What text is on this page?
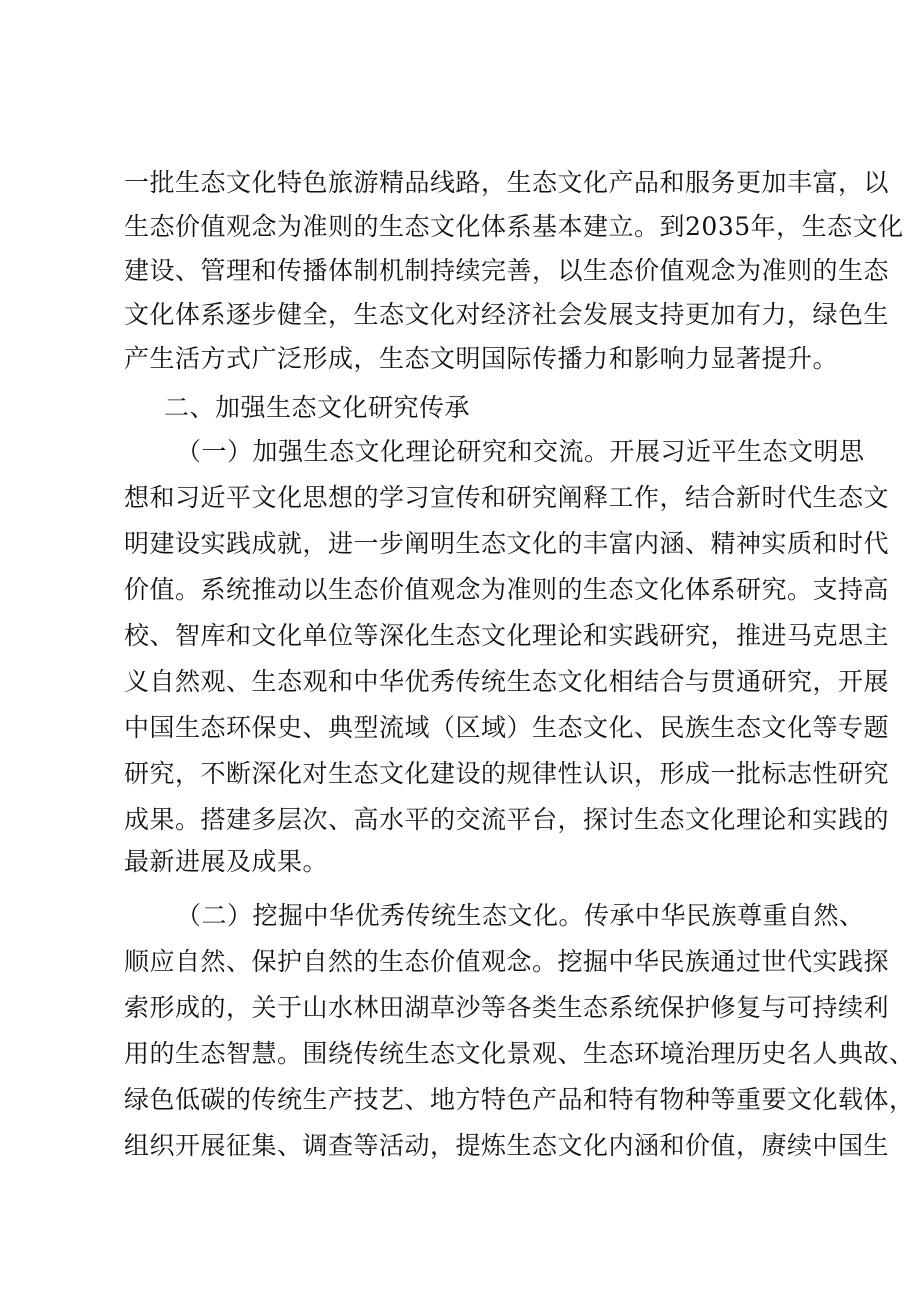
一批生态文化特色旅游精品线路，生态文化产品和服务更加丰富，以
生态价值观念为准则的生态文化体系基本建立。到2035年，生态文化
建设、管理和传播体制机制持续完善，以生态价值观念为准则的生态
文化体系逐步健全，生态文化对经济社会发展支持更加有力，绿色生
产生活方式广泛形成，生态文明国际传播力和影响力显著提升。
二、加强生态文化研究传承
（一）加强生态文化理论研究和交流。开展习近平生态文明思
想和习近平文化思想的学习宣传和研究阐释工作，结合新时代生态文
明建设实践成就，进一步阐明生态文化的丰富内涵、精神实质和时代
价值。系统推动以生态价值观念为准则的生态文化体系研究。支持高
校、智库和文化单位等深化生态文化理论和实践研究，推进马克思主
义自然观、生态观和中华优秀传统生态文化相结合与贯通研究，开展
中国生态环保史、典型流域（区域）生态文化、民族生态文化等专题
研究，不断深化对生态文化建设的规律性认识，形成一批标志性研究
成果。搭建多层次、高水平的交流平台，探讨生态文化理论和实践的
最新进展及成果。
（二）挖掘中华优秀传统生态文化。传承中华民族尊重自然、
顺应自然、保护自然的生态价值观念。挖掘中华民族通过世代实践探
索形成的，关于山水林田湖草沙等各类生态系统保护修复与可持续利
用的生态智慧。围绕传统生态文化景观、生态环境治理历史名人典故、
绿色低碳的传统生产技艺、地方特色产品和特有物种等重要文化载体，
组织开展征集、调查等活动，提炼生态文化内涵和价值，赓续中国生
